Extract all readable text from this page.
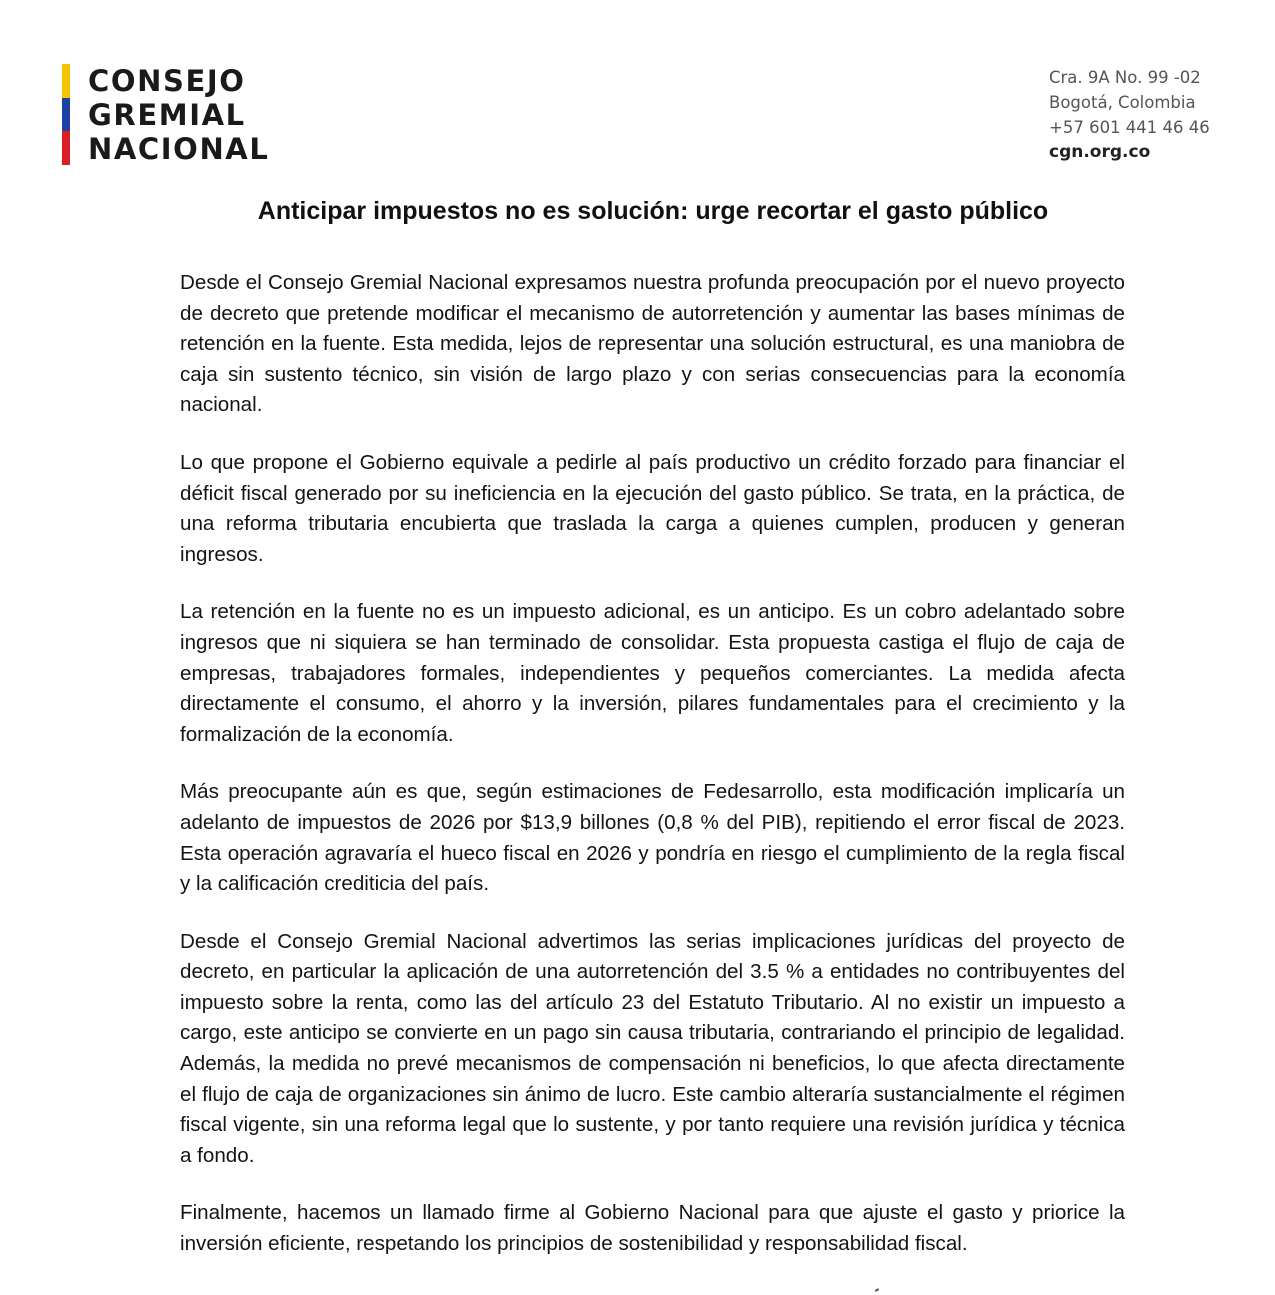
CONSEJO
GREMIAL
NACIONAL
Cra. 9A No. 99 -02
Bogotá, Colombia
+57 601 441 46 46
cgn.org.co
Anticipar impuestos no es solución: urge recortar el gasto público

Desde el Consejo Gremial Nacional expresamos nuestra profunda preocupación por el nuevo proyecto de decreto que pretende modificar el mecanismo de autorretención y aumentar las bases mínimas de retención en la fuente. Esta medida, lejos de representar una solución estructural, es una maniobra de caja sin sustento técnico, sin visión de largo plazo y con serias consecuencias para la economía nacional.

Lo que propone el Gobierno equivale a pedirle al país productivo un crédito forzado para financiar el déficit fiscal generado por su ineficiencia en la ejecución del gasto público. Se trata, en la práctica, de una reforma tributaria encubierta que traslada la carga a quienes cumplen, producen y generan ingresos.

La retención en la fuente no es un impuesto adicional, es un anticipo. Es un cobro adelantado sobre ingresos que ni siquiera se han terminado de consolidar. Esta propuesta castiga el flujo de caja de empresas, trabajadores formales, independientes y pequeños comerciantes. La medida afecta directamente el consumo, el ahorro y la inversión, pilares fundamentales para el crecimiento y la formalización de la economía.

Más preocupante aún es que, según estimaciones de Fedesarrollo, esta modificación implicaría un adelanto de impuestos de 2026 por $13,9 billones (0,8 % del PIB), repitiendo el error fiscal de 2023. Esta operación agravaría el hueco fiscal en 2026 y pondría en riesgo el cumplimiento de la regla fiscal y la calificación crediticia del país.

Desde el Consejo Gremial Nacional advertimos las serias implicaciones jurídicas del proyecto de decreto, en particular la aplicación de una autorretención del 3.5 % a entidades no contribuyentes del impuesto sobre la renta, como las del artículo 23 del Estatuto Tributario. Al no existir un impuesto a cargo, este anticipo se convierte en un pago sin causa tributaria, contrariando el principio de legalidad. Además, la medida no prevé mecanismos de compensación ni beneficios, lo que afecta directamente el flujo de caja de organizaciones sin ánimo de lucro. Este cambio alteraría sustancialmente el régimen fiscal vigente, sin una reforma legal que lo sustente, y por tanto requiere una revisión jurídica y técnica a fondo.

Finalmente, hacemos un llamado firme al Gobierno Nacional para que ajuste el gasto y priorice la inversión eficiente, respetando los principios de sostenibilidad y responsabilidad fiscal.
